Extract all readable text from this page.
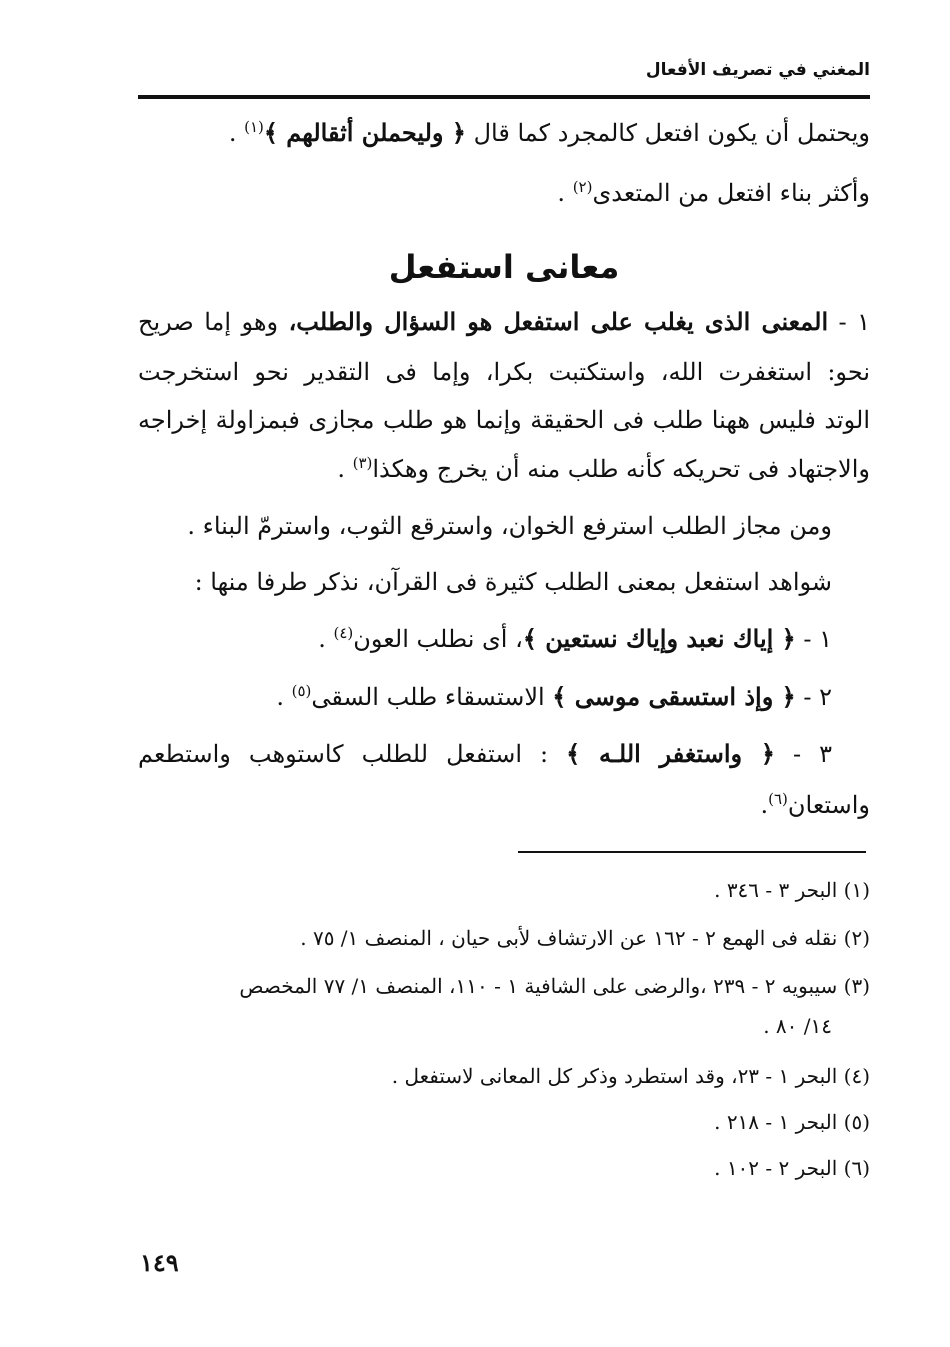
المغني في تصريف الأفعال
ويحتمل أن يكون افتعل كالمجرد كما قال ﴿ وليحملن أثقالهم ﴾$^{(١)}$ .
وأكثر بناء افتعل من المتعدى$^{(٢)}$ .
معانى استفعل
١ - المعنى الذى يغلب على استفعل هو السؤال والطلب، وهو إما صريح
نحو: استغفرت الله، واستكتبت بكرا، وإما فى التقدير نحو استخرجت
الوتد فليس ههنا طلب فى الحقيقة وإنما هو طلب مجازى فبمزاولة إخراجه
والاجتهاد فى تحريكه كأنه طلب منه أن يخرج وهكذا$^{(٣)}$ .
ومن مجاز الطلب استرفع الخوان، واسترقع الثوب، واسترمّ البناء .
شواهد استفعل بمعنى الطلب كثيرة فى القرآن، نذكر طرفا منها :
١ - ﴿ إياك نعبد وإياك نستعين ﴾، أى نطلب العون$^{(٤)}$ .
٢ - ﴿ وإذ استسقى موسى ﴾ الاستسقاء طلب السقى$^{(٥)}$ .
٣ - ﴿ واستغفر اللـه ﴾ : استفعل للطلب كاستوهب واستطعم
واستعان$^{(٦)}$.
(١) البحر ٣ - ٣٤٦ .
(٢) نقله فى الهمع ٢ - ١٦٢ عن الارتشاف لأبى حيان ، المنصف ١/ ٧٥ .
(٣) سيبويه ٢ - ٢٣٩ ،والرضى على الشافية ١ - ١١٠، المنصف ١/ ٧٧ المخصص
١٤/ ٨٠ .
(٤) البحر ١ - ٢٣، وقد استطرد وذكر كل المعانى لاستفعل .
(٥) البحر ١ - ٢١٨ .
(٦) البحر ٢ - ١٠٢ .
١٤٩
